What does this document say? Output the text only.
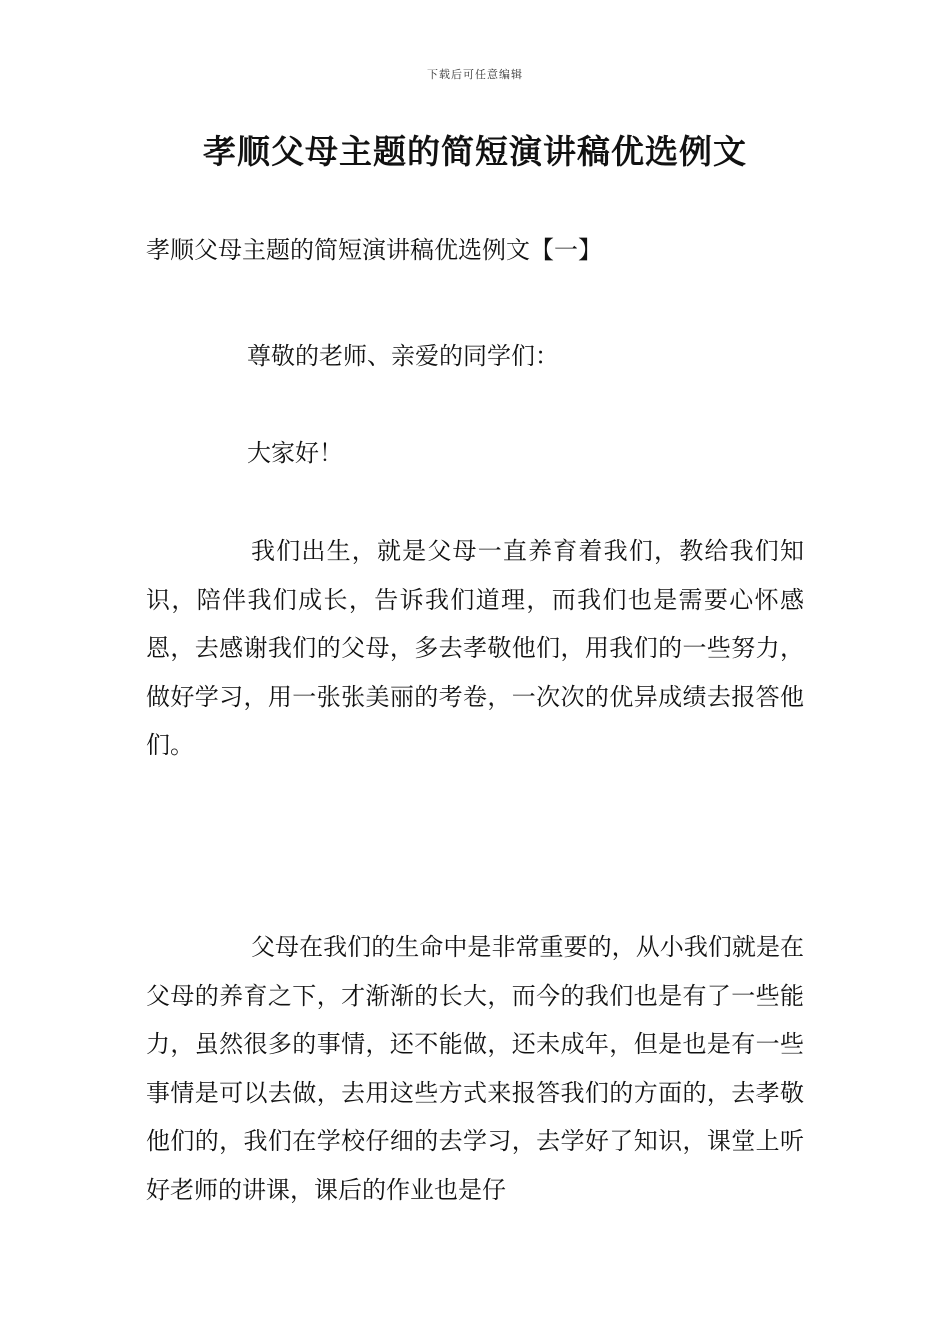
下载后可任意编辑
孝顺父母主题的简短演讲稿优选例文

孝顺父母主题的简短演讲稿优选例文【一】

尊敬的老师、亲爱的同学们：

大家好！

我们出生，就是父母一直养育着我们，教给我们知识，陪伴我们成长，告诉我们道理，而我们也是需要心怀感恩，去感谢我们的父母，多去孝敬他们，用我们的一些努力，做好学习，用一张张美丽的考卷，一次次的优异成绩去报答他们。

父母在我们的生命中是非常重要的，从小我们就是在父母的养育之下，才渐渐的长大，而今的我们也是有了一些能力，虽然很多的事情，还不能做，还未成年，但是也是有一些事情是可以去做，去用这些方式来报答我们的方面的，去孝敬他们的，我们在学校仔细的去学习，去学好了知识，课堂上听好老师的讲课，课后的作业也是仔
